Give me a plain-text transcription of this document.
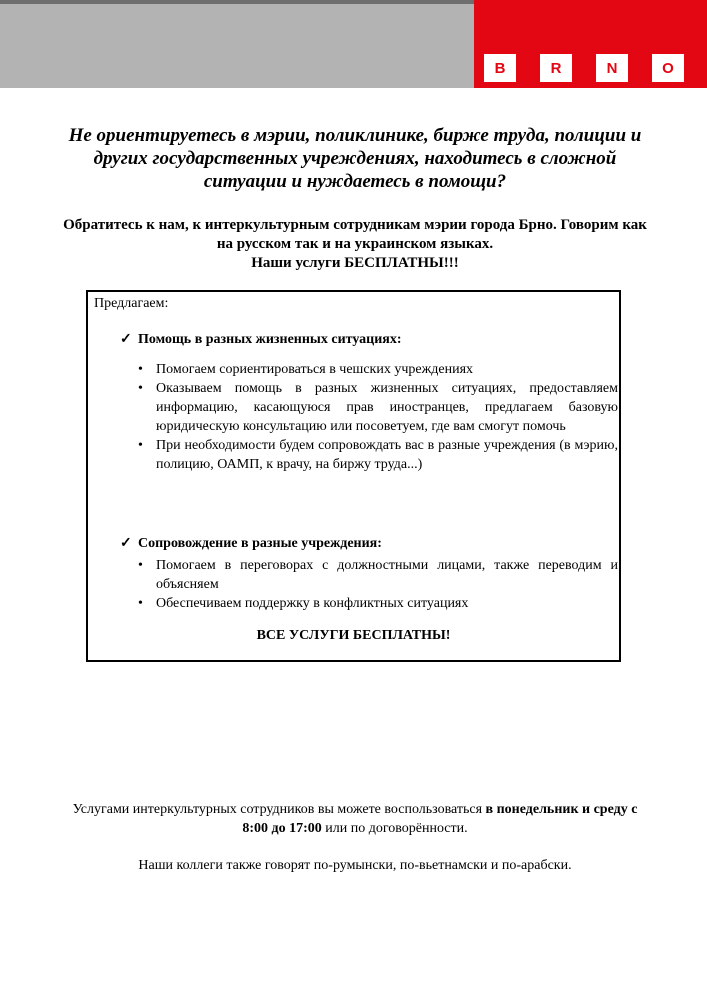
B	R	N	O

Не ориентируетесь в мэрии, поликлинике, бирже труда, полиции и других государственных учреждениях, находитесь в сложной ситуации и нуждаетесь в помощи?

Обратитесь к нам, к интеркультурным сотрудникам мэрии города Брно. Говорим как на русском так и на украинском языках.

Наши услуги БЕСПЛАТНЫ!!!

Предлагаем:
✓ Помощь в разных жизненных ситуациях:
• Помогаем сориентироваться в чешских учреждениях
• Оказываем помощь в разных жизненных ситуациях, предоставляем информацию, касающуюся прав иностранцев, предлагаем базовую юридическую консультацию или посоветуем, где вам смогут помочь
• При необходимости будем сопровождать вас в разные учреждения (в мэрию, полицию, ОАМП, к врачу, на биржу труда...)
✓ Сопровождение в разные учреждения:
• Помогаем в переговорах с должностными лицами, также переводим и объясняем
• Обеспечиваем поддержку в конфликтных ситуациях
ВСЕ УСЛУГИ БЕСПЛАТНЫ!

Услугами интеркультурных сотрудников вы можете воспользоваться в понедельник и среду с 8:00 до 17:00 или по договорённости.

Наши коллеги также говорят по-румынски, по-вьетнамски и по-арабски.
